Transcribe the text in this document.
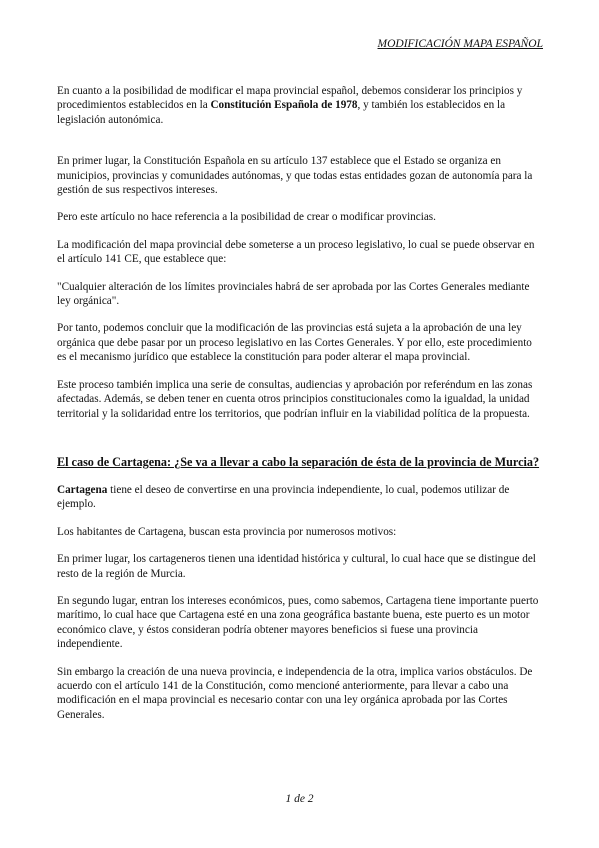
MODIFICACIÓN MAPA ESPAÑOL

En cuanto a la posibilidad de modificar el mapa provincial español, debemos considerar los principios y procedimientos establecidos en la Constitución Española de 1978, y también los establecidos en la legislación autonómica.

En primer lugar, la Constitución Española en su artículo 137 establece que el Estado se organiza en municipios, provincias y comunidades autónomas, y que todas estas entidades gozan de autonomía para la gestión de sus respectivos intereses.

Pero este artículo no hace referencia a la posibilidad de crear o modificar provincias.

La modificación del mapa provincial debe someterse a un proceso legislativo, lo cual se puede observar en el artículo 141 CE, que establece que:

"Cualquier alteración de los límites provinciales habrá de ser aprobada por las Cortes Generales mediante ley orgánica".

Por tanto, podemos concluir que la modificación de las provincias está sujeta a la aprobación de una ley orgánica que debe pasar por un proceso legislativo en las Cortes Generales. Y por ello, este procedimiento es el mecanismo jurídico que establece la constitución para poder alterar el mapa provincial.

Este proceso también implica una serie de consultas, audiencias y aprobación por referéndum en las zonas afectadas. Además, se deben tener en cuenta otros principios constitucionales como la igualdad, la unidad territorial y la solidaridad entre los territorios, que podrían influir en la viabilidad política de la propuesta.

El caso de Cartagena: ¿Se va a llevar a cabo la separación de ésta de la provincia de Murcia?

Cartagena tiene el deseo de convertirse en una provincia independiente, lo cual, podemos utilizar de ejemplo.

Los habitantes de Cartagena, buscan esta provincia por numerosos motivos:

En primer lugar, los cartageneros tienen una identidad histórica y cultural, lo cual hace que se distingue del resto de la región de Murcia.

En segundo lugar, entran los intereses económicos, pues, como sabemos, Cartagena tiene importante puerto marítimo, lo cual hace que Cartagena esté en una zona geográfica bastante buena, este puerto es un motor económico clave, y éstos consideran podría obtener mayores beneficios si fuese una provincia independiente.

Sin embargo la creación de una nueva provincia, e independencia de la otra, implica varios obstáculos. De acuerdo con el artículo 141 de la Constitución, como mencioné anteriormente, para llevar a cabo una modificación en el mapa provincial es necesario contar con una ley orgánica aprobada por las Cortes Generales.

1 de 2
